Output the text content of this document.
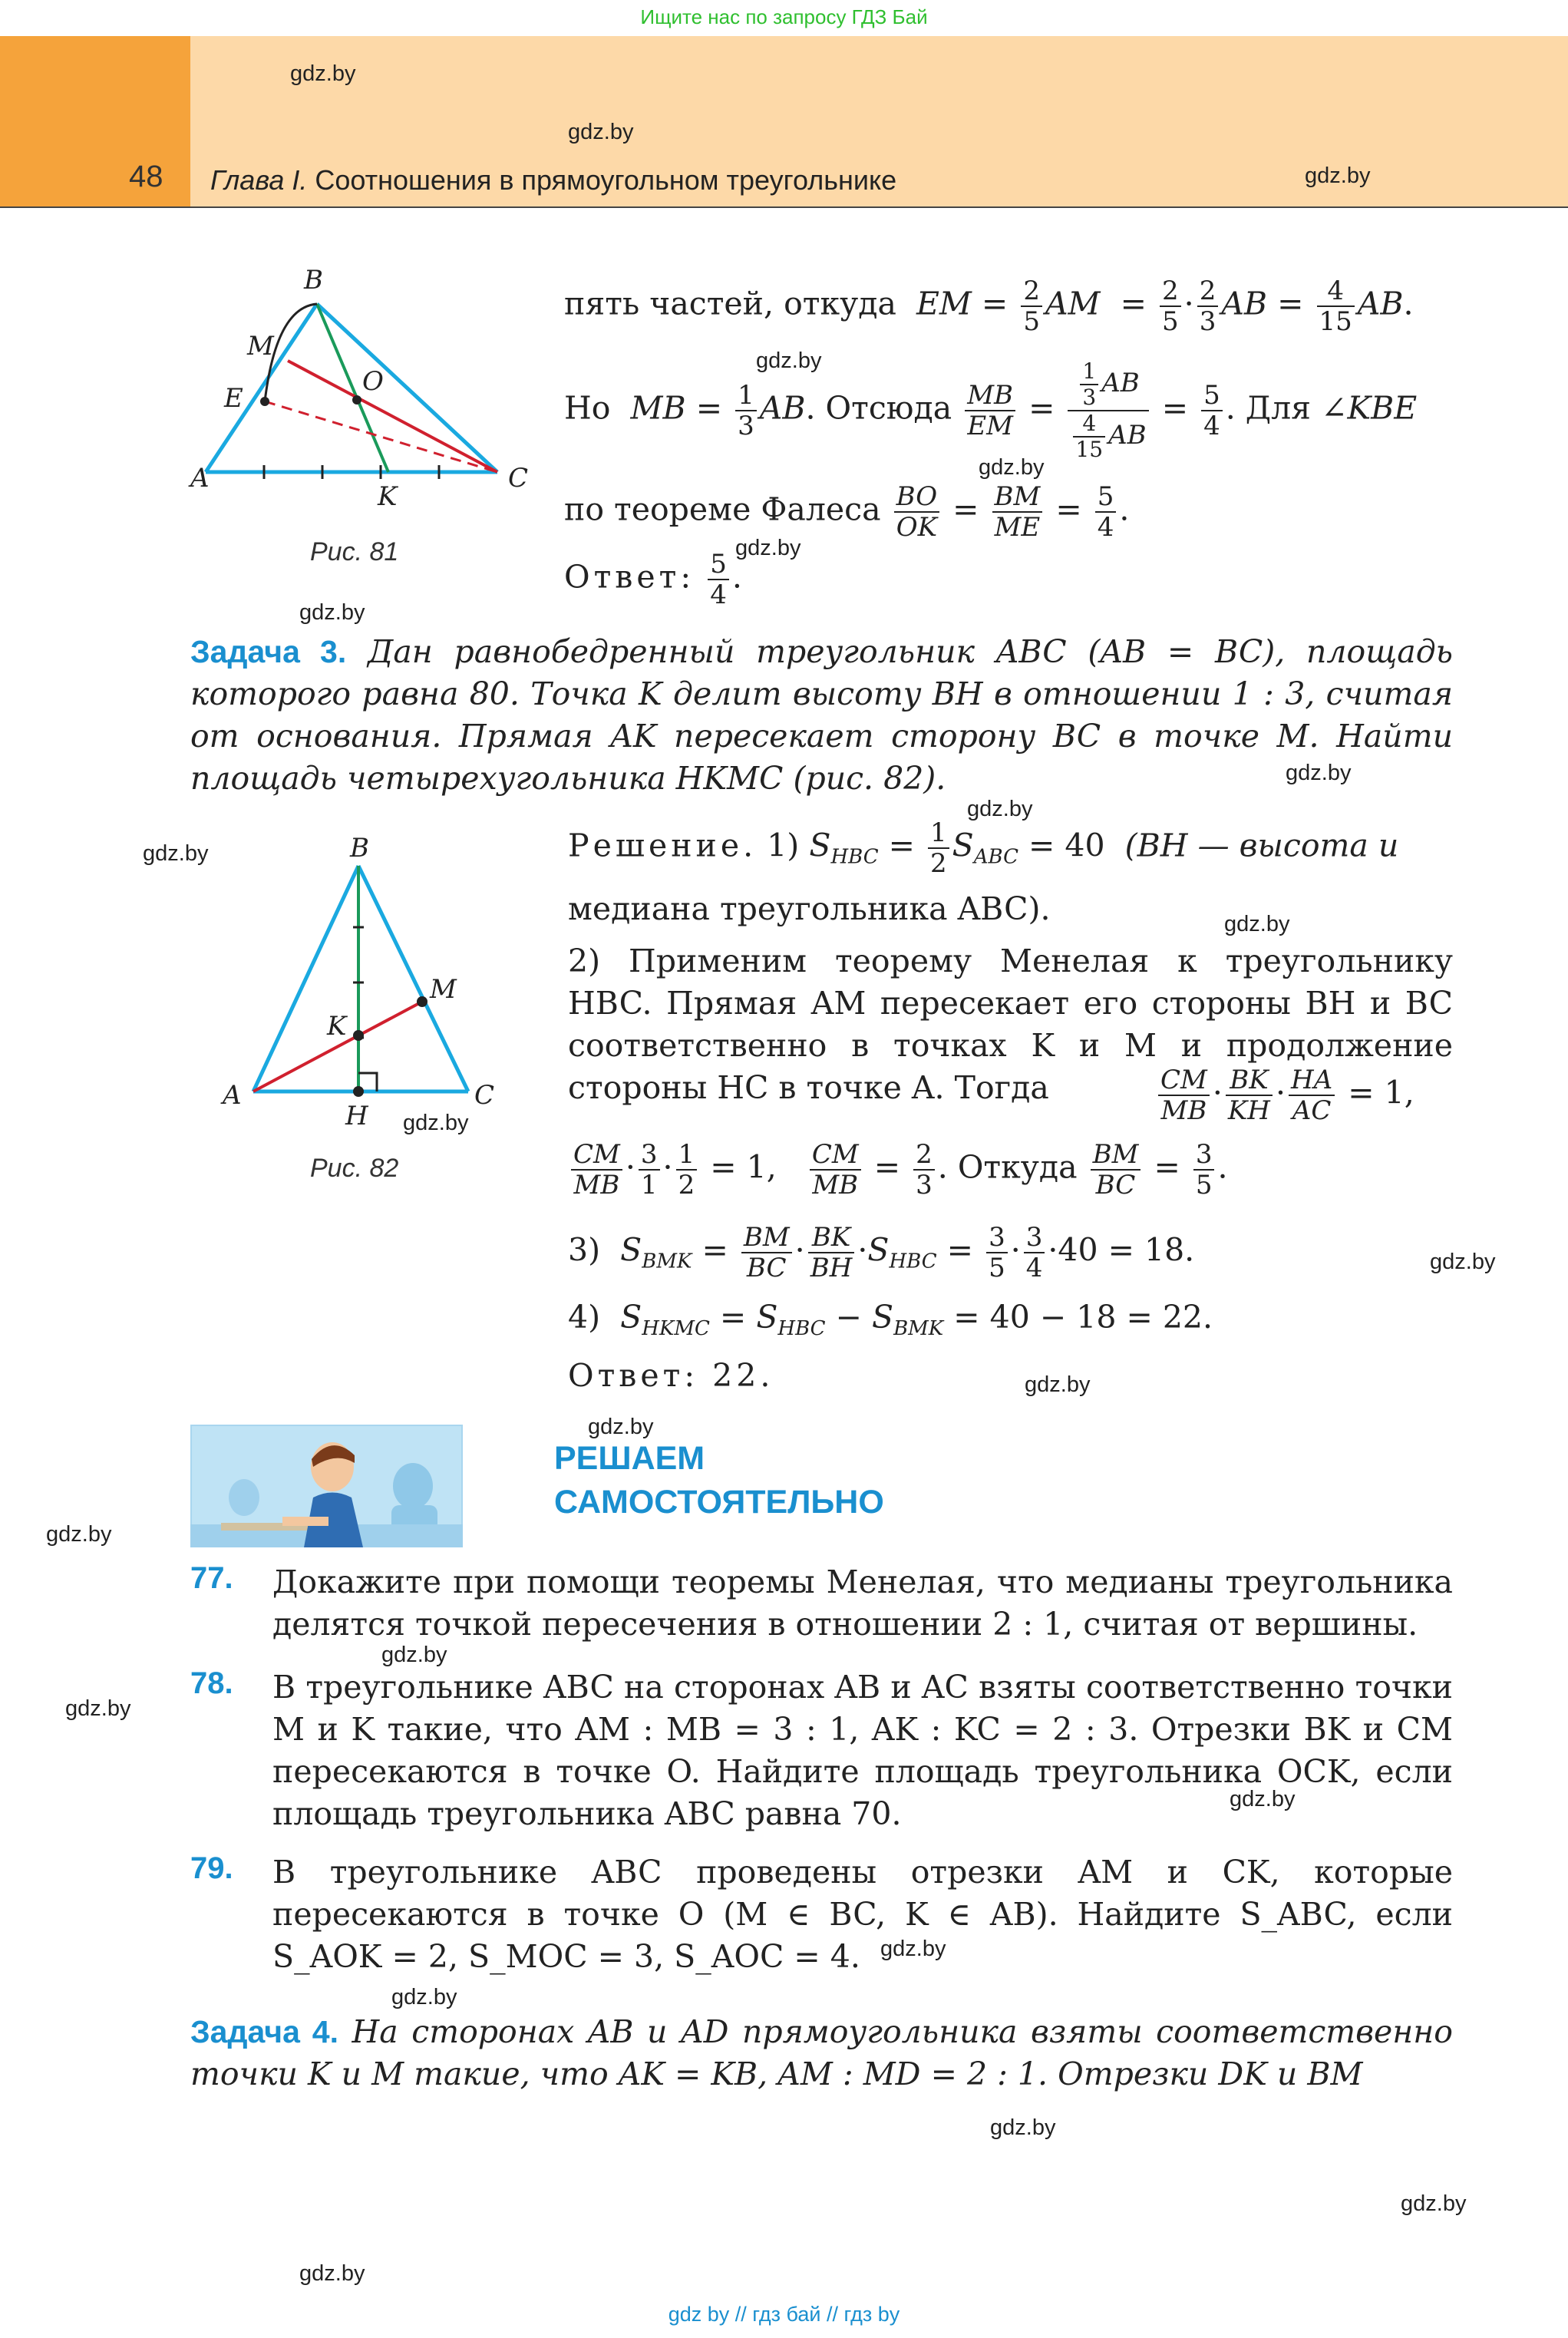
Ищите нас по запросу ГДЗ Бай
48 Глава I. Соотношения в прямоугольном треугольнике
gdz.by
gdz.by
gdz.by
gdz.by
gdz.by
gdz.by
gdz.by
gdz.by
gdz.by
gdz.by
gdz.by
gdz.by
gdz.by
gdz.by
gdz.by
gdz.by
gdz.by
gdz.by
gdz.by
gdz.by
gdz.by
gdz.by
gdz.by
gdz.by
B
M
E
O
A
K
C
Рис. 81
пять частей, откуда  EM = $\frac{2}{5}$ AM  = $\frac{2}{5} \cdot \frac{2}{3}$ AB = $\frac{4}{15}$ AB.
Но  MB = $\frac{1}{3}$ AB. Отсюда $\frac{MB}{EM} = \frac{\frac{1}{3} AB}{\frac{4}{15} AB} = \frac{5}{4}$ . Для ∠KBE
по теореме Фалеса $\frac{BO}{OK} = \frac{BM}{ME} = \frac{5}{4}$ .
Ответ: $\frac{5}{4}$ .
Задача 3. Дан равнобедренный треугольник ABC (AB = BC), площадь которого равна 80. Точка K делит высоту BH в отношении 1 : 3, считая от основания. Прямая AK пересекает сторону BC в точке M. Найти площадь четырехугольника HKMC (рис. 82).
B
M
K
A
H
C
Рис. 82
Решение. 1) $S_{HBC} = \frac{1}{2} S_{ABC} = 40$  (BH — высота и
медиана треугольника ABC).
2) Применим теорему Менелая к треугольнику HBC. Прямая AM пересекает его стороны BH и BC соответственно в точках K и M и продолжение стороны HC в точке A. Тогда	$\frac{CM}{MB} \cdot \frac{BK}{KH} \cdot \frac{HA}{AC} = 1$,
$\frac{CM}{MB} \cdot \frac{3}{1} \cdot \frac{1}{2} = 1$, $\frac{CM}{MB} = \frac{2}{3}$ . Откуда $\frac{BM}{BC} = \frac{3}{5}$ .
3) $S_{BMK} = \frac{BM}{BC} \cdot \frac{BK}{BH} \cdot S_{HBC} = \frac{3}{5} \cdot \frac{3}{4} \cdot 40 = 18$.
4) $S_{HKMC} = S_{HBC} - S_{BMK} = 40 - 18 = 22$.
Ответ: 22.
РЕШАЕМ
САМОСТОЯТЕЛЬНО
77. Докажите при помощи теоремы Менелая, что медианы треугольника делятся точкой пересечения в отношении 2 : 1, считая от вершины.
78. В треугольнике ABC на сторонах AB и AC взяты соответственно точки M и K такие, что AM : MB = 3 : 1, AK : KC = 2 : 3. Отрезки BK и CM пересекаются в точке O. Найдите площадь треугольника OCK, если площадь треугольника ABC равна 70.
79. В треугольнике ABC проведены отрезки AM и CK, которые пересекаются в точке O (M ∈ BC, K ∈ AB). Найдите S_ABC, если S_AOK = 2, S_MOC = 3, S_AOC = 4.
Задача 4. На сторонах AB и AD прямоугольника взяты соответственно точки K и M такие, что AK = KB, AM : MD = 2 : 1. Отрезки DK и BM
gdz by // гдз бай // гдз by
